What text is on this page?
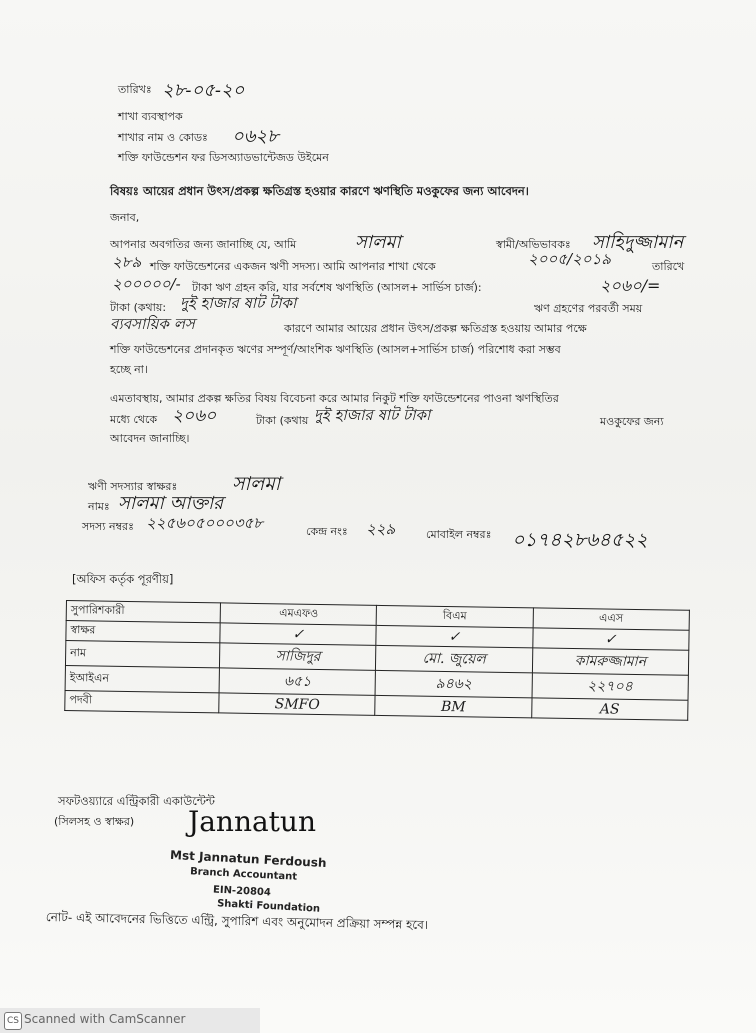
তারিখঃ ২৮-০৫-২০
শাখা ব্যবস্থাপক
শাখার নাম ও কোডঃ ০৬২৮
শক্তি ফাউন্ডেশন ফর ডিসঅ্যাডভান্টেজড উইমেন
বিষয়ঃ আয়ের প্রধান উৎস/প্রকল্প ক্ষতিগ্রস্ত হওয়ার কারণে ঋণস্থিতি মওকুফের জন্য আবেদন।
জনাব,
আপনার অবগতির জন্য জানাচ্ছি যে, আমি	সালমা	স্বামী/অভিভাবকঃ সাহিদুজ্জামান
২৮৯ শক্তি ফাউন্ডেশনের একজন ঋণী সদস্য। আমি আপনার শাখা থেকে	২০০৫/২০১৯	তারিখে
২০০০০০/- টাকা ঋণ গ্রহন করি, যার সর্বশেষ ঋণস্থিতি (আসল+ সার্ভিস চার্জ):	২০৬০/=
টাকা (কথায়: দুই হাজার ষাট টাকা	ঋণ গ্রহণের পরবর্তী সময়
ব্যবসায়িক লস	কারণে আমার আয়ের প্রধান উৎস/প্রকল্প ক্ষতিগ্রস্ত হওয়ায় আমার পক্ষে
শক্তি ফাউন্ডেশনের প্রদানকৃত ঋণের সম্পূর্ণ/আংশিক ঋণস্থিতি (আসল+সার্ভিস চার্জ) পরিশোধ করা সম্ভব
হচ্ছে না।
এমতাবস্থায়, আমার প্রকল্প ক্ষতির বিষয় বিবেচনা করে আমার নিকুট শক্তি ফাউন্ডেশনের পাওনা ঋণস্থিতির
মধ্যে থেকে ২০৬০	টাকা (কথায় দুই হাজার ষাট টাকা	মওকুফের জন্য
আবেদন জানাচ্ছি।
ঋণী সদস্যার স্বাক্ষরঃ	সালমা
নামঃ সালমা আক্তার
সদস্য নম্বরঃ ২২৫৬০৫০০০৩৫৮	কেন্দ্র নংঃ ২২৯	মোবাইল নম্বরঃ ০১৭৪২৮৬৪৫২২
[অফিস কর্তৃক পূরণীয়]
সুপারিশকারী	এমএফও	বিএম	এএস
স্বাক্ষর	✓	✓	✓
নাম	সাজিদুর	মো. জুয়েল	কামরুজ্জামান
ইআইএন	৬৫১	৯৪৬২	২২৭০৪
পদবী	SMFO	BM	AS
সফটওয়্যারে এন্ট্রিকারী একাউন্টেন্ট
(সিলসহ ও স্বাক্ষর) Jannatun
Mst Jannatun Ferdoush
Branch Accountant
EIN-20804
Shakti Foundation
নোট- এই আবেদনের ভিত্তিতে এন্ট্রি, সুপারিশ এবং অনুমোদন প্রক্রিয়া সম্পন্ন হবে।
CS Scanned with CamScanner
